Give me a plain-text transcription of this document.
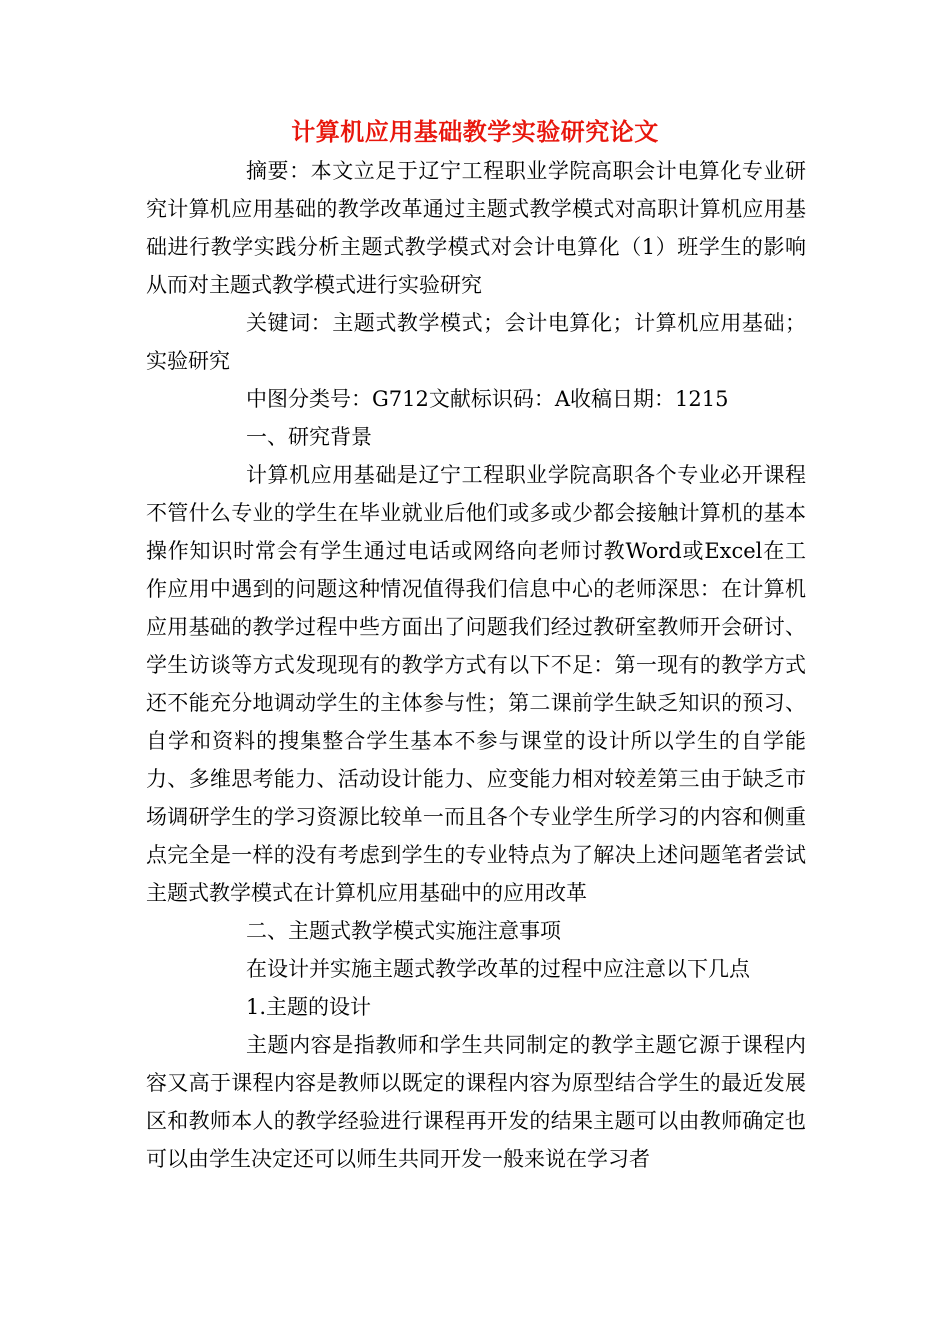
计算机应用基础教学实验研究论文

摘要：本文立足于辽宁工程职业学院高职会计电算化专业研究计算机应用基础的教学改革通过主题式教学模式对高职计算机应用基础进行教学实践分析主题式教学模式对会计电算化（1）班学生的影响从而对主题式教学模式进行实验研究

关键词：主题式教学模式；会计电算化；计算机应用基础；实验研究

中图分类号：G712文献标识码：A收稿日期：1215

一、研究背景

计算机应用基础是辽宁工程职业学院高职各个专业必开课程不管什么专业的学生在毕业就业后他们或多或少都会接触计算机的基本操作知识时常会有学生通过电话或网络向老师讨教Word或Excel在工作应用中遇到的问题这种情况值得我们信息中心的老师深思：在计算机应用基础的教学过程中些方面出了问题我们经过教研室教师开会研讨、学生访谈等方式发现现有的教学方式有以下不足：第一现有的教学方式还不能充分地调动学生的主体参与性；第二课前学生缺乏知识的预习、自学和资料的搜集整合学生基本不参与课堂的设计所以学生的自学能力、多维思考能力、活动设计能力、应变能力相对较差第三由于缺乏市场调研学生的学习资源比较单一而且各个专业学生所学习的内容和侧重点完全是一样的没有考虑到学生的专业特点为了解决上述问题笔者尝试主题式教学模式在计算机应用基础中的应用改革

二、主题式教学模式实施注意事项

在设计并实施主题式教学改革的过程中应注意以下几点

1.主题的设计

主题内容是指教师和学生共同制定的教学主题它源于课程内容又高于课程内容是教师以既定的课程内容为原型结合学生的最近发展区和教师本人的教学经验进行课程再开发的结果主题可以由教师确定也可以由学生决定还可以师生共同开发一般来说在学习者
